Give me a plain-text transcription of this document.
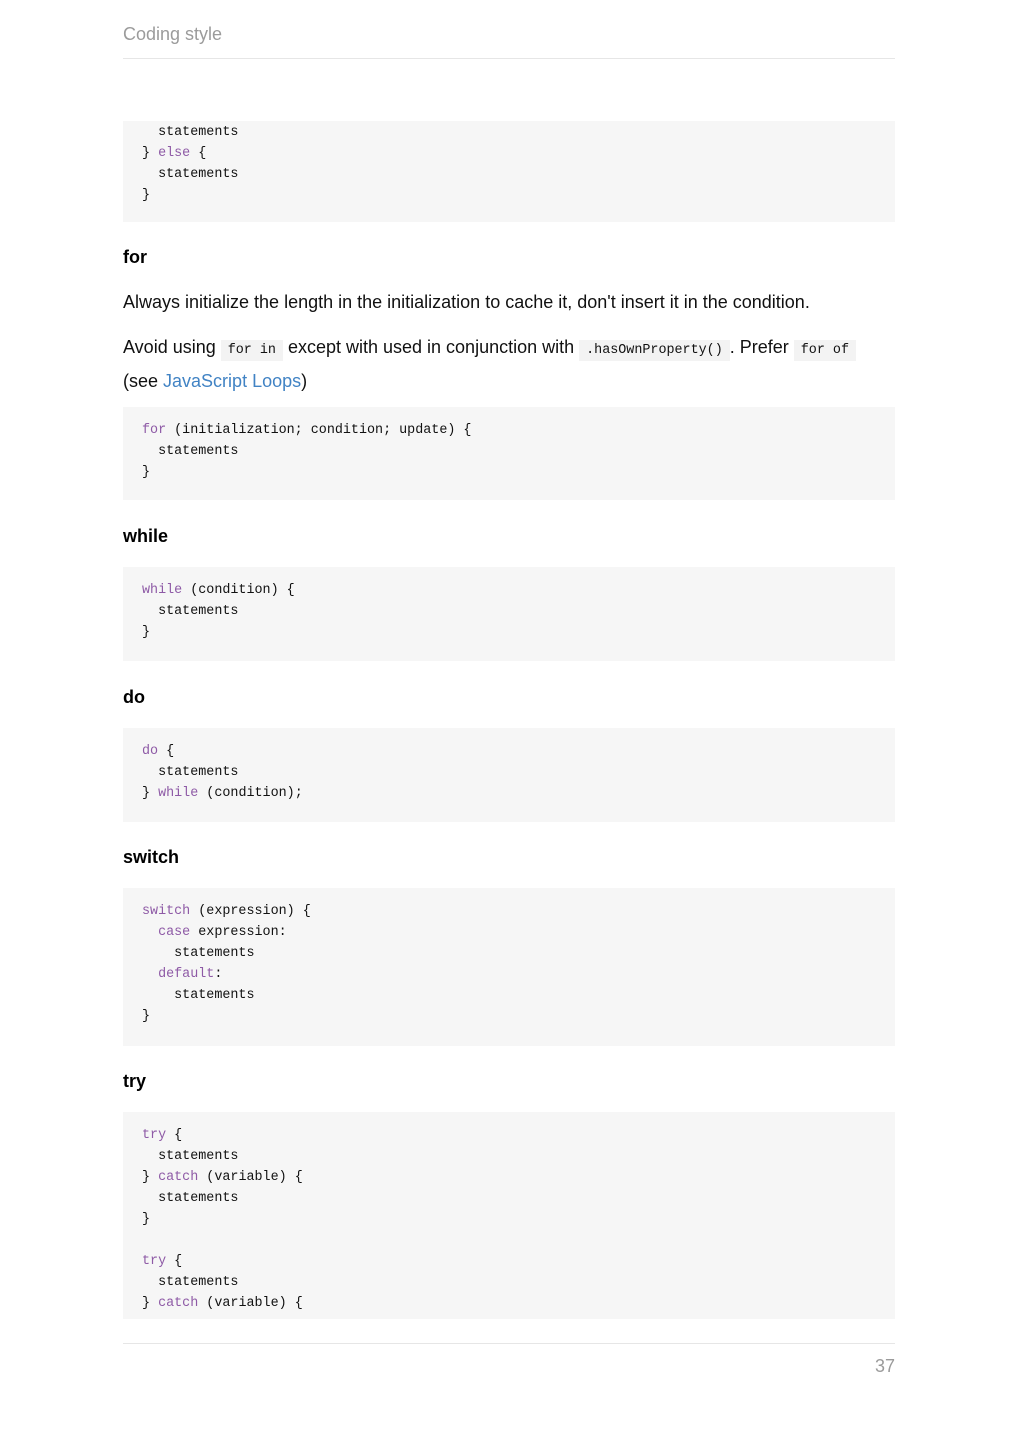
Coding style
statements
} else {
statements
}
for
Always initialize the length in the initialization to cache it, don't insert it in the condition.
Avoid using for in except with used in conjunction with .hasOwnProperty() . Prefer for of
(see JavaScript Loops)
for (initialization; condition; update) {
statements
}
while
while (condition) {
statements
}
do
do {
statements
} while (condition);
switch
switch (expression) {
case expression:
statements
default:
statements
}
try
try {
statements
} catch (variable) {
statements
}

try {
statements
} catch (variable) {
37
